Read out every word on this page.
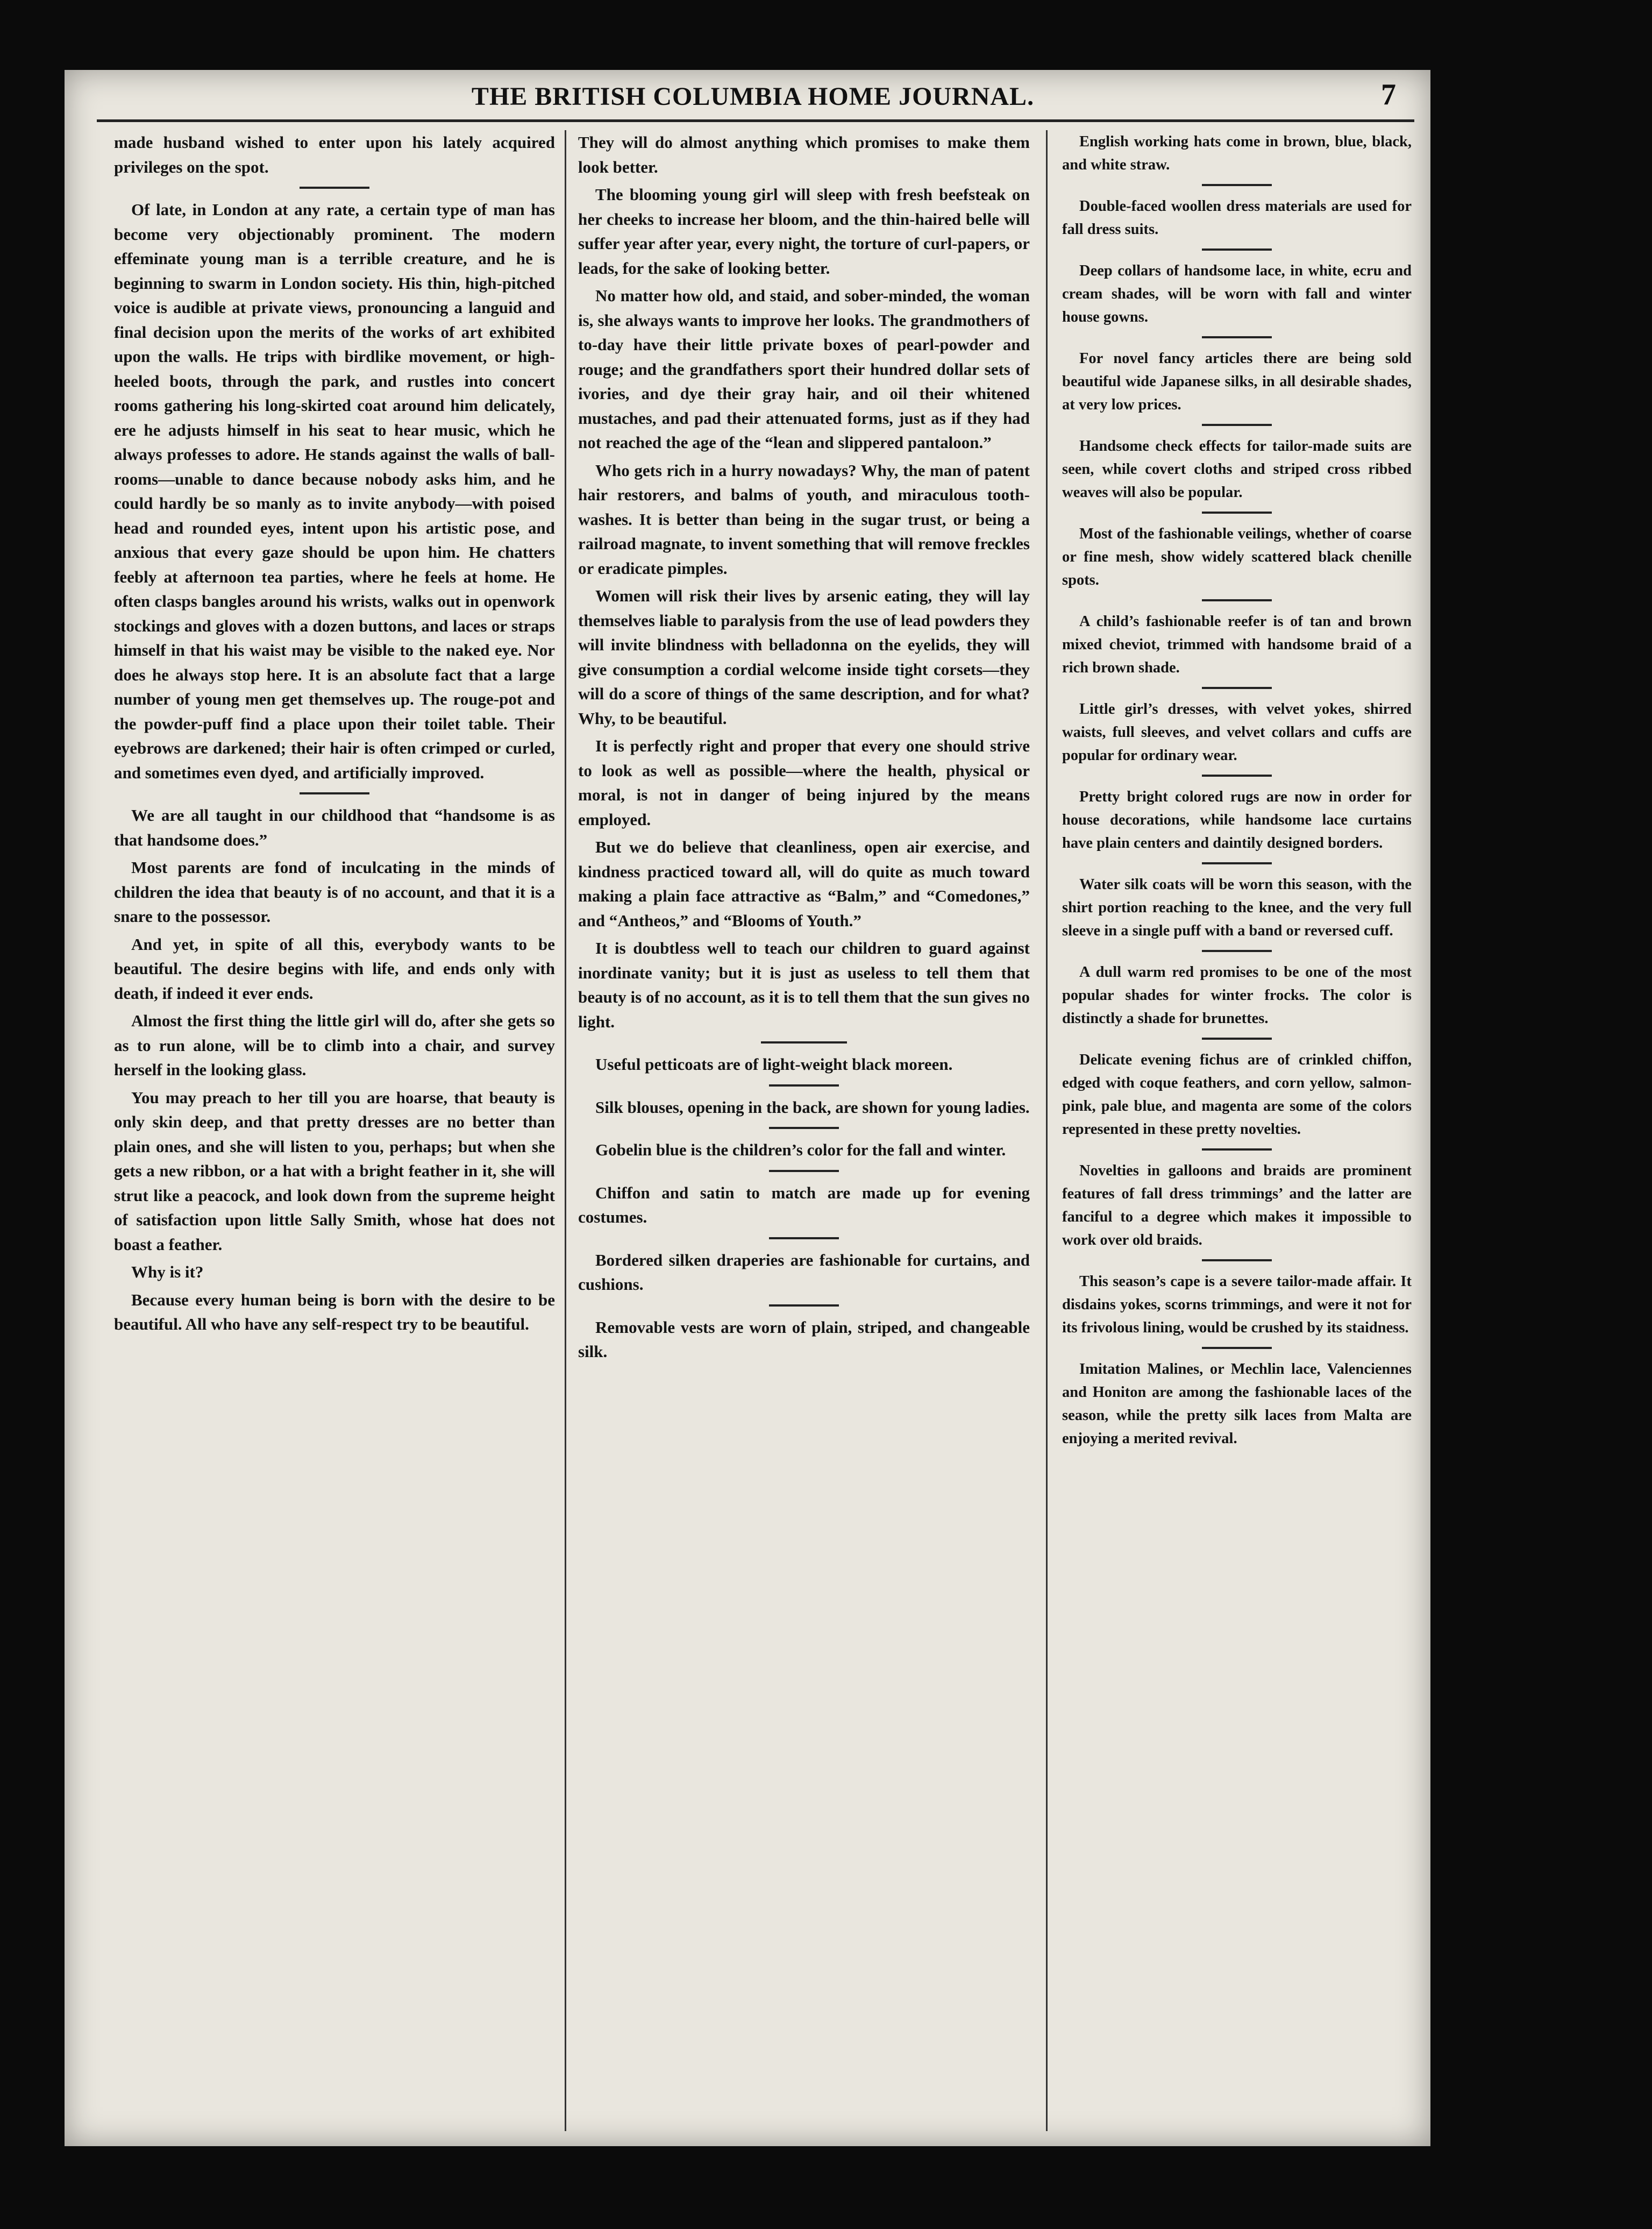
THE BRITISH COLUMBIA HOME JOURNAL.	7

made husband wished to enter upon his lately acquired privileges on the spot.

Of late, in London at any rate, a certain type of man has become very objectionably prominent. The modern effeminate young man is a terrible creature, and he is beginning to swarm in London society. His thin, high-pitched voice is audible at private views, pronouncing a languid and final decision upon the merits of the works of art exhibited upon the walls. He trips with birdlike movement, or high-heeled boots, through the park, and rustles into concert rooms gathering his long-skirted coat around him delicately, ere he adjusts himself in his seat to hear music, which he always professes to adore. He stands against the walls of ball-rooms—unable to dance because nobody asks him, and he could hardly be so manly as to invite anybody—with poised head and rounded eyes, intent upon his artistic pose, and anxious that every gaze should be upon him. He chatters feebly at afternoon tea parties, where he feels at home. He often clasps bangles around his wrists, walks out in openwork stockings and gloves with a dozen buttons, and laces or straps himself in that his waist may be visible to the naked eye. Nor does he always stop here. It is an absolute fact that a large number of young men get themselves up. The rouge-pot and the powder-puff find a place upon their toilet table. Their eyebrows are darkened; their hair is often crimped or curled, and sometimes even dyed, and artificially improved.

We are all taught in our childhood that “handsome is as that handsome does.”

Most parents are fond of inculcating in the minds of children the idea that beauty is of no account, and that it is a snare to the possessor.

And yet, in spite of all this, everybody wants to be beautiful. The desire begins with life, and ends only with death, if indeed it ever ends.

Almost the first thing the little girl will do, after she gets so as to run alone, will be to climb into a chair, and survey herself in the looking glass.

You may preach to her till you are hoarse, that beauty is only skin deep, and that pretty dresses are no better than plain ones, and she will listen to you, perhaps; but when she gets a new ribbon, or a hat with a bright feather in it, she will strut like a peacock, and look down from the supreme height of satisfaction upon little Sally Smith, whose hat does not boast a feather.

Why is it?

Because every human being is born with the desire to be beautiful. All who have any self-respect try to be beautiful.

They will do almost anything which promises to make them look better.

The blooming young girl will sleep with fresh beefsteak on her cheeks to increase her bloom, and the thin-haired belle will suffer year after year, every night, the torture of curl-papers, or leads, for the sake of looking better.

No matter how old, and staid, and sober-minded, the woman is, she always wants to improve her looks. The grandmothers of to-day have their little private boxes of pearl-powder and rouge; and the grandfathers sport their hundred dollar sets of ivories, and dye their gray hair, and oil their whitened mustaches, and pad their attenuated forms, just as if they had not reached the age of the “lean and slippered pantaloon.”

Who gets rich in a hurry nowadays? Why, the man of patent hair restorers, and balms of youth, and miraculous tooth-washes. It is better than being in the sugar trust, or being a railroad magnate, to invent something that will remove freckles or eradicate pimples.

Women will risk their lives by arsenic eating, they will lay themselves liable to paralysis from the use of lead powders they will invite blindness with belladonna on the eyelids, they will give consumption a cordial welcome inside tight corsets—they will do a score of things of the same description, and for what? Why, to be beautiful.

It is perfectly right and proper that every one should strive to look as well as possible—where the health, physical or moral, is not in danger of being injured by the means employed.

But we do believe that cleanliness, open air exercise, and kindness practiced toward all, will do quite as much toward making a plain face attractive as “Balm,” and “Comedones,” and “Antheos,” and “Blooms of Youth.”

It is doubtless well to teach our children to guard against inordinate vanity; but it is just as useless to tell them that beauty is of no account, as it is to tell them that the sun gives no light.

Useful petticoats are of light-weight black moreen.

Silk blouses, opening in the back, are shown for young ladies.

Gobelin blue is the children’s color for the fall and winter.

Chiffon and satin to match are made up for evening costumes.

Bordered silken draperies are fashionable for curtains, and cushions.

Removable vests are worn of plain, striped, and changeable silk.

English working hats come in brown, blue, black, and white straw.

Double-faced woollen dress materials are used for fall dress suits.

Deep collars of handsome lace, in white, ecru and cream shades, will be worn with fall and winter house gowns.

For novel fancy articles there are being sold beautiful wide Japanese silks, in all desirable shades, at very low prices.

Handsome check effects for tailor-made suits are seen, while covert cloths and striped cross ribbed weaves will also be popular.

Most of the fashionable veilings, whether of coarse or fine mesh, show widely scattered black chenille spots.

A child’s fashionable reefer is of tan and brown mixed cheviot, trimmed with handsome braid of a rich brown shade.

Little girl’s dresses, with velvet yokes, shirred waists, full sleeves, and velvet collars and cuffs are popular for ordinary wear.

Pretty bright colored rugs are now in order for house decorations, while handsome lace curtains have plain centers and daintily designed borders.

Water silk coats will be worn this season, with the shirt portion reaching to the knee, and the very full sleeve in a single puff with a band or reversed cuff.

A dull warm red promises to be one of the most popular shades for winter frocks. The color is distinctly a shade for brunettes.

Delicate evening fichus are of crinkled chiffon, edged with coque feathers, and corn yellow, salmon-pink, pale blue, and magenta are some of the colors represented in these pretty novelties.

Novelties in galloons and braids are prominent features of fall dress trimmings’ and the latter are fanciful to a degree which makes it impossible to work over old braids.

This season’s cape is a severe tailor-made affair. It disdains yokes, scorns trimmings, and were it not for its frivolous lining, would be crushed by its staidness.

Imitation Malines, or Mechlin lace, Valenciennes and Honiton are among the fashionable laces of the season, while the pretty silk laces from Malta are enjoying a merited revival.
